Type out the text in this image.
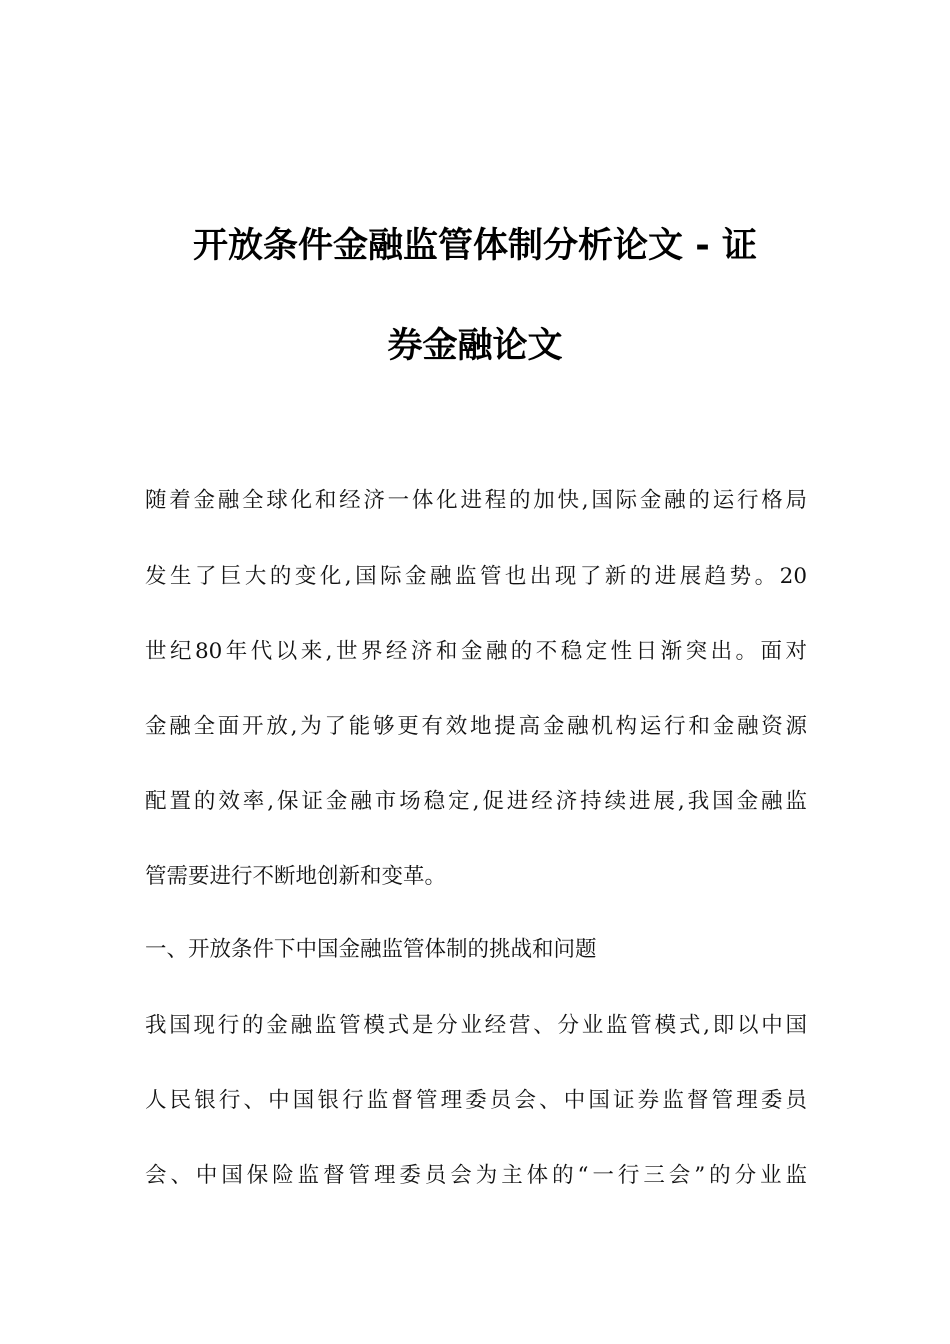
开放条件金融监管体制分析论文 - 证
券金融论文
随着金融全球化和经济一体化进程的加快,国际金融的运行格局
发生了巨大的变化,国际金融监管也出现了新的进展趋势。20
世纪80年代以来,世界经济和金融的不稳定性日渐突出。面对
金融全面开放,为了能够更有效地提高金融机构运行和金融资源
配置的效率,保证金融市场稳定,促进经济持续进展,我国金融监
管需要进行不断地创新和变革。
一、开放条件下中国金融监管体制的挑战和问题
我国现行的金融监管模式是分业经营、分业监管模式,即以中国
人民银行、中国银行监督管理委员会、中国证券监督管理委员
会、中国保险监督管理委员会为主体的“一行三会”的分业监
